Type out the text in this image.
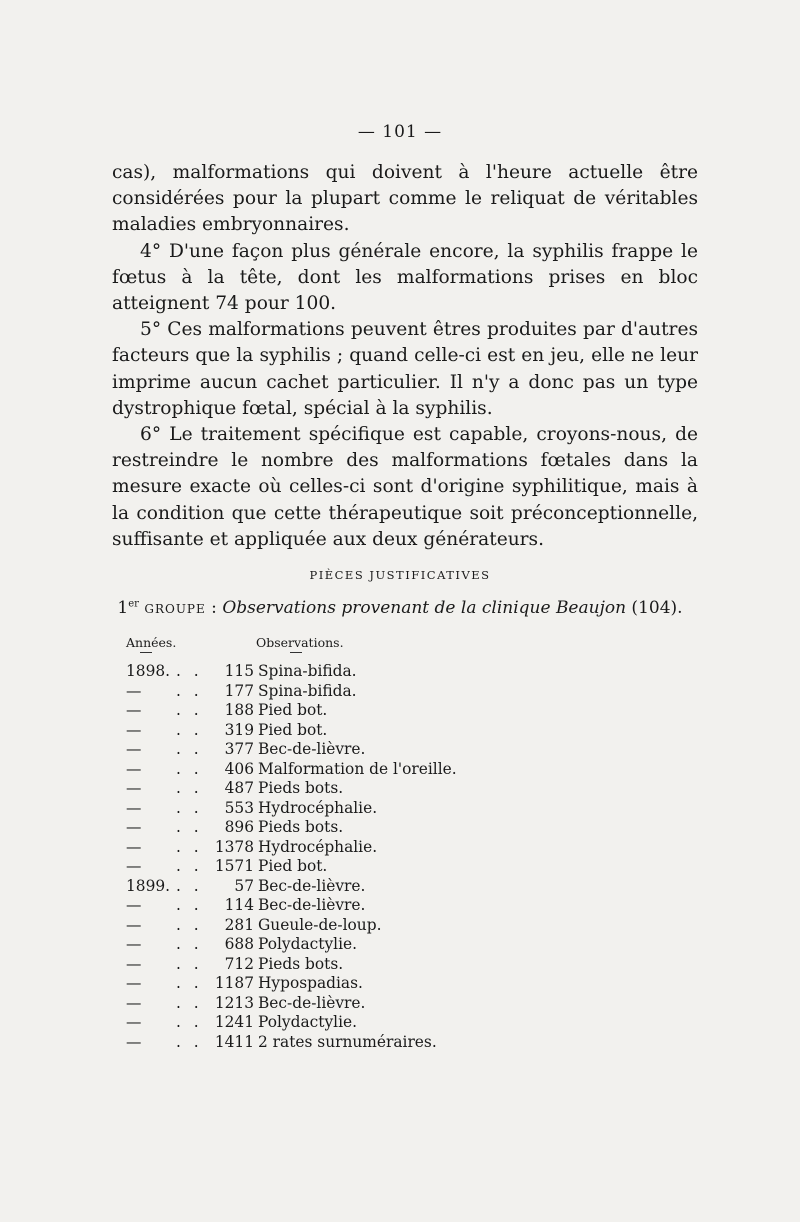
— 101 —

cas), malformations qui doivent à l'heure actuelle être considérées pour la plupart comme le reliquat de véritables maladies embryonnaires.

4° D'une façon plus générale encore, la syphilis frappe le fœtus à la tête, dont les malformations prises en bloc atteignent 74 pour 100.

5° Ces malformations peuvent êtres produites par d'autres facteurs que la syphilis ; quand celle-ci est en jeu, elle ne leur imprime aucun cachet particulier. Il n'y a donc pas un type dystrophique fœtal, spécial à la syphilis.

6° Le traitement spécifique est capable, croyons-nous, de restreindre le nombre des malformations fœtales dans la mesure exacte où celles-ci sont d'origine syphilitique, mais à la condition que cette thérapeutique soit préconceptionnelle, suffisante et appliquée aux deux générateurs.

PIÈCES JUSTIFICATIVES
1er GROUPE : Observations provenant de la clinique Beaujon (104).
Années.	Observations.
1898. . .	115 Spina-bifida.
—	. .	177 Spina-bifida.
—	. .	188 Pied bot.
—	. .	319 Pied bot.
—	. .	377 Bec-de-lièvre.
—	. .	406 Malformation de l'oreille.
—	. .	487 Pieds bots.
—	. .	553 Hydrocéphalie.
—	. .	896 Pieds bots.
—	. . 1378 Hydrocéphalie.
—	. . 1571 Pied bot.
1899. . .	57 Bec-de-lièvre.
—	. .	114 Bec-de-lièvre.
—	. .	281 Gueule-de-loup.
—	. .	688 Polydactylie.
—	. .	712 Pieds bots.
—	. . 1187 Hypospadias.
—	. . 1213 Bec-de-lièvre.
—	. . 1241 Polydactylie.
—	. . 1411 2 rates surnuméraires.
